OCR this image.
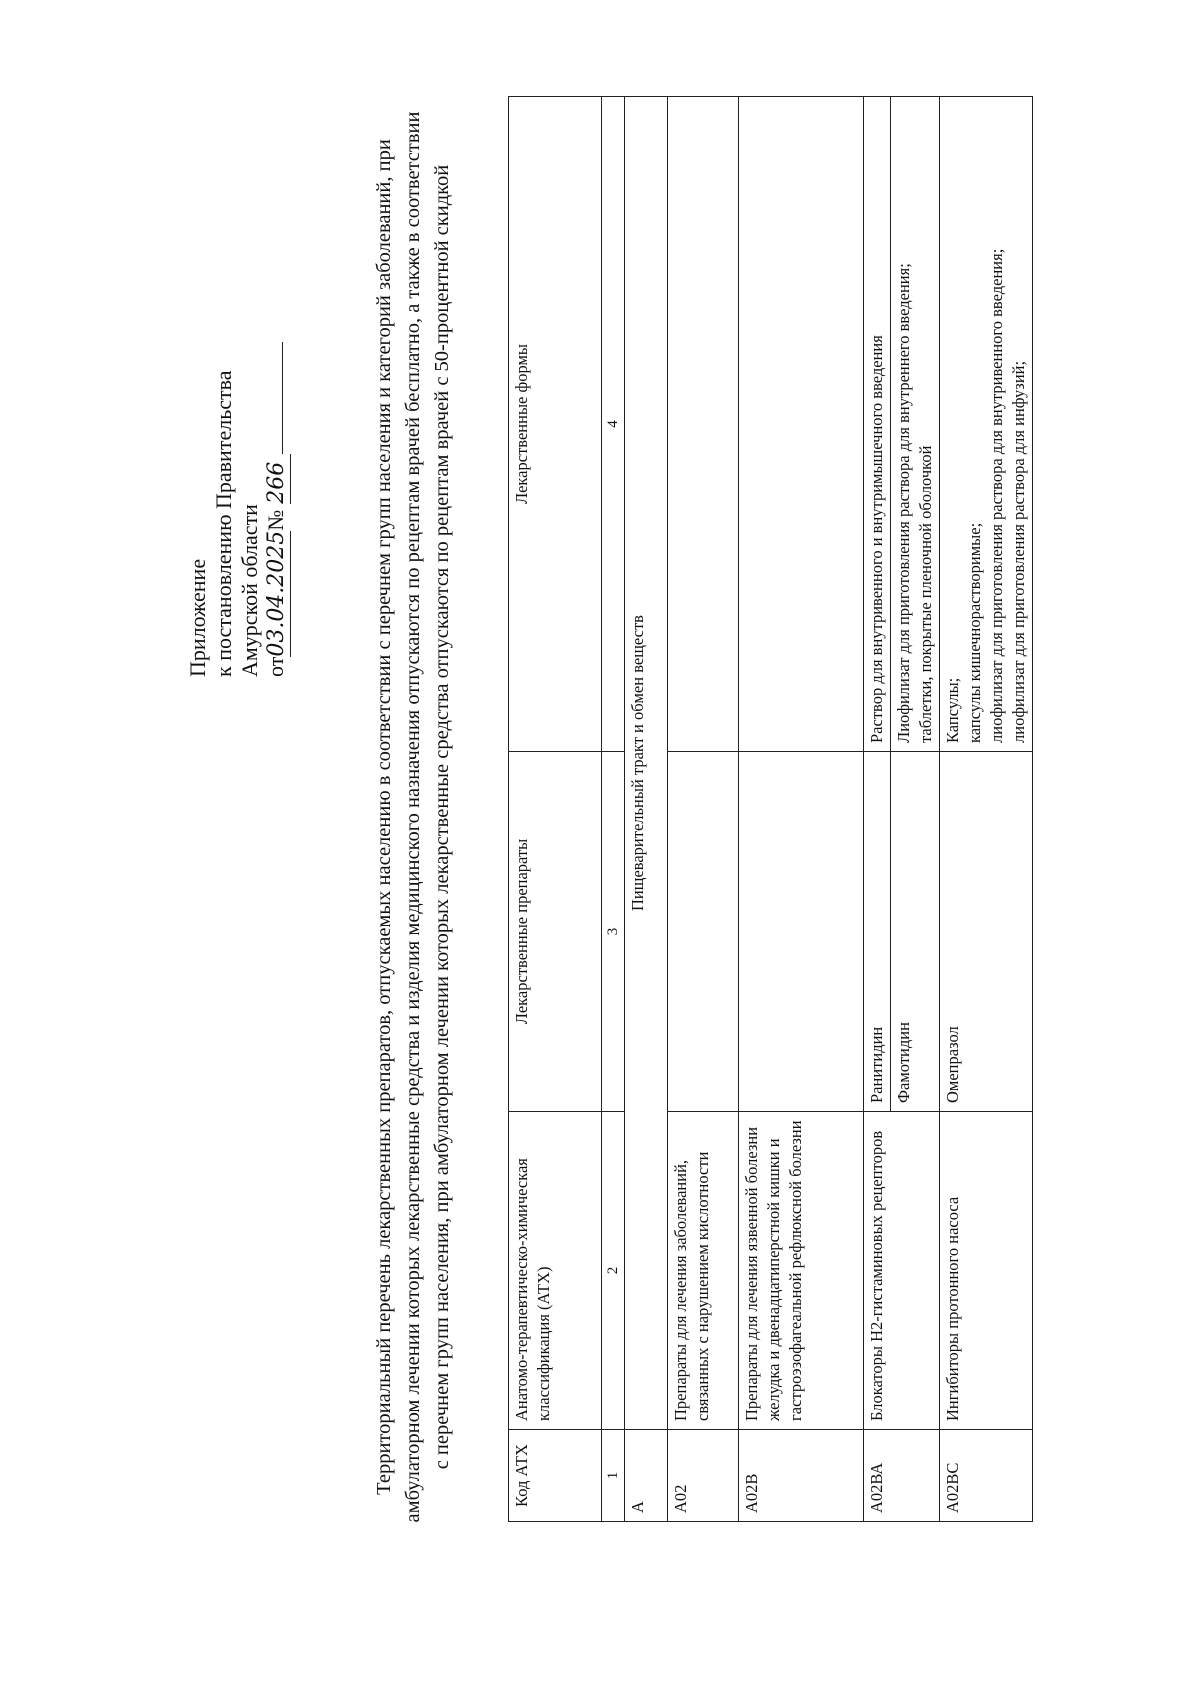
Приложение к постановлению Правительства Амурской области от03.04.2025№266	Территориальный перечень лекарственных препаратов, отпускаемых населению в соответствии с перечнем групп населения и категорий заболеваний, при амбулаторном лечении которых лекарственные средства и изделия медицинского назначения отпускаются по рецептам врачей бесплатно, а также в соответствии с перечнем групп населения, при амбулаторном лечении которых лекарственные средства отпускаются по рецептам врачей с 50-процентной скидкой
Код АТХ	Анатомо-терапевтическо-химическая классификация (АТХ)	Лекарственные препараты	Лекарственные формы
1	2	3	4
А	Пищеварительный тракт и обмен веществ		
А02	Препараты для лечения заболеваний, связанных с нарушением кислотности		
А02В	Препараты для лечения язвенной болезни желудка и двенадцатиперстной кишки и гастроэзофагеальной рефлюксной болезни		
А02ВА	Блокаторы Н2-гистаминовых рецепторов	Ранитидин	Раствор для внутривенного и внутримышечного введения
		Фамотидин	Лиофилизат для приготовления раствора для внутреннего введения; таблетки, покрытые пленочной оболочкой

А02ВС	Ингибиторы протонного насоса	Омепразол	Капсулы; капсулы кишечнорастворимые; лиофилизат для приготовления раствора для внутривенного введения; лиофилизат для приготовления раствора для инфузий;
